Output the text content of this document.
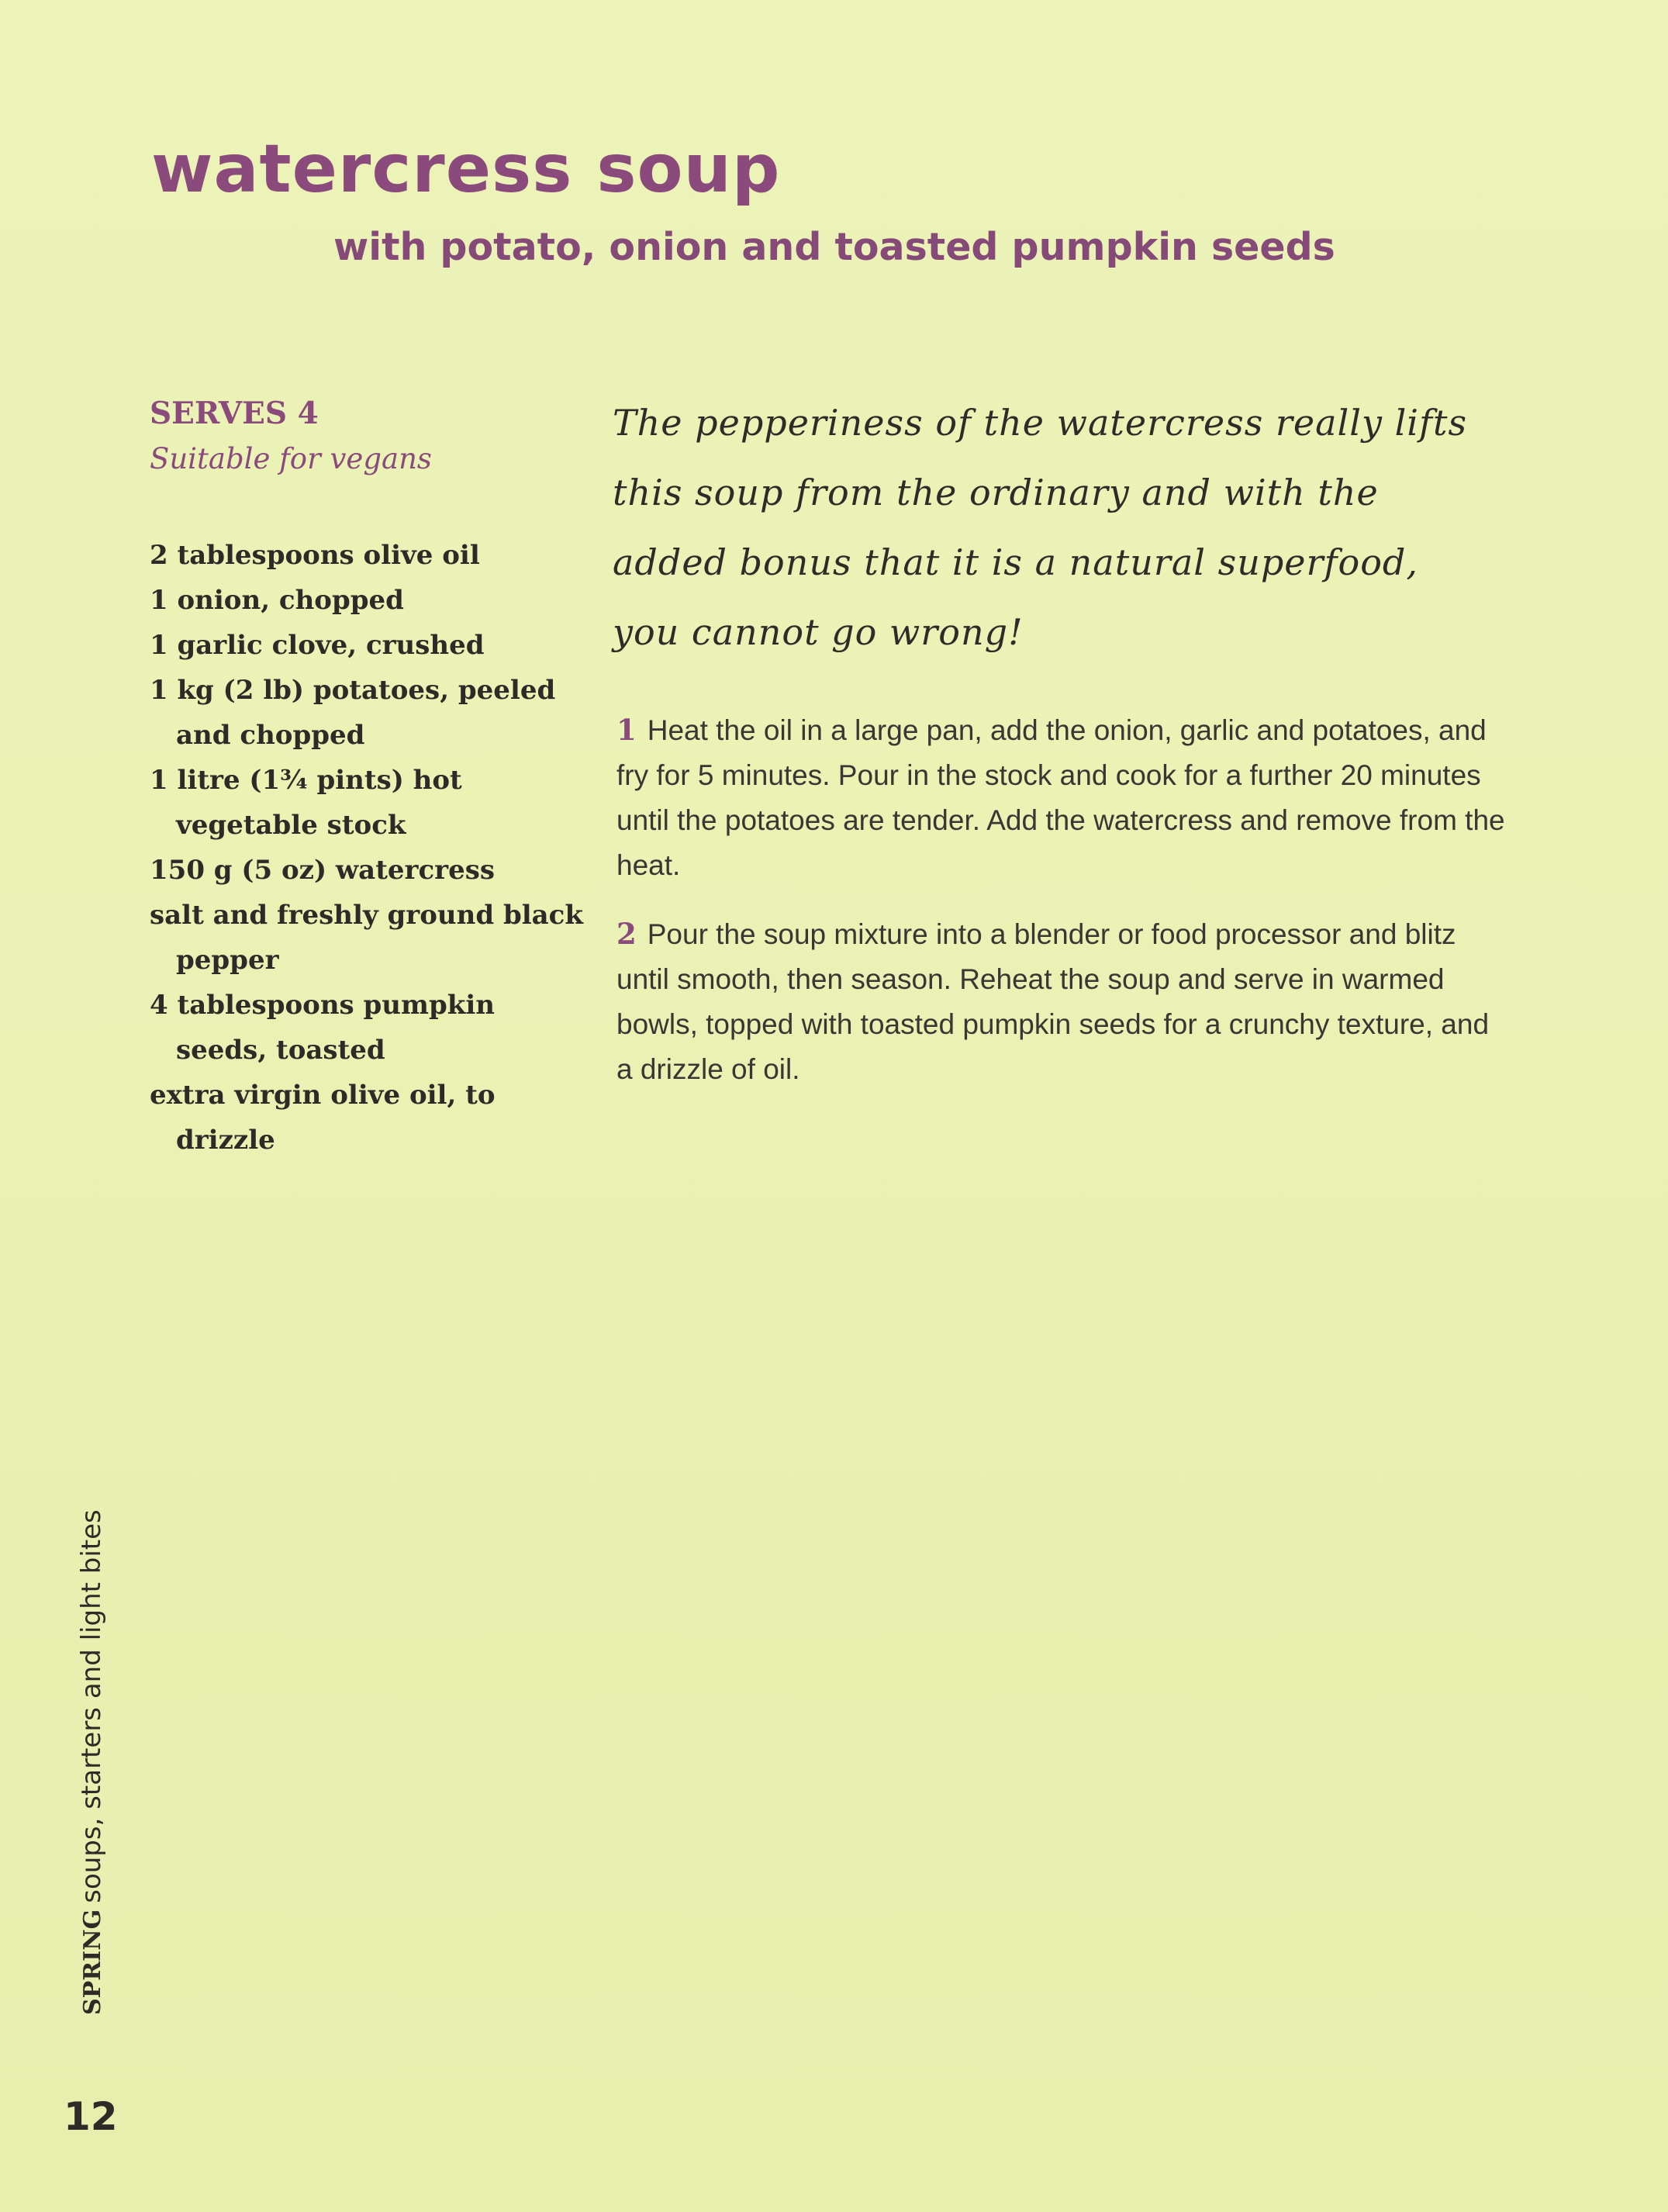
watercress soup
with potato, onion and toasted pumpkin seeds
SERVES 4
Suitable for vegans
2 tablespoons olive oil
1 onion, chopped
1 garlic clove, crushed
1 kg (2 lb) potatoes, peeled and chopped
1 litre (1¾ pints) hot vegetable stock
150 g (5 oz) watercress
salt and freshly ground black pepper
4 tablespoons pumpkin seeds, toasted
extra virgin olive oil, to drizzle

The pepperiness of the watercress really lifts this soup from the ordinary and with the added bonus that it is a natural superfood, you cannot go wrong!

1 Heat the oil in a large pan, add the onion, garlic and potatoes, and fry for 5 minutes. Pour in the stock and cook for a further 20 minutes until the potatoes are tender. Add the watercress and remove from the heat.

2 Pour the soup mixture into a blender or food processor and blitz until smooth, then season. Reheat the soup and serve in warmed bowls, topped with toasted pumpkin seeds for a crunchy texture, and a drizzle of oil.

SPRINGsoups, starters and light bites
12
